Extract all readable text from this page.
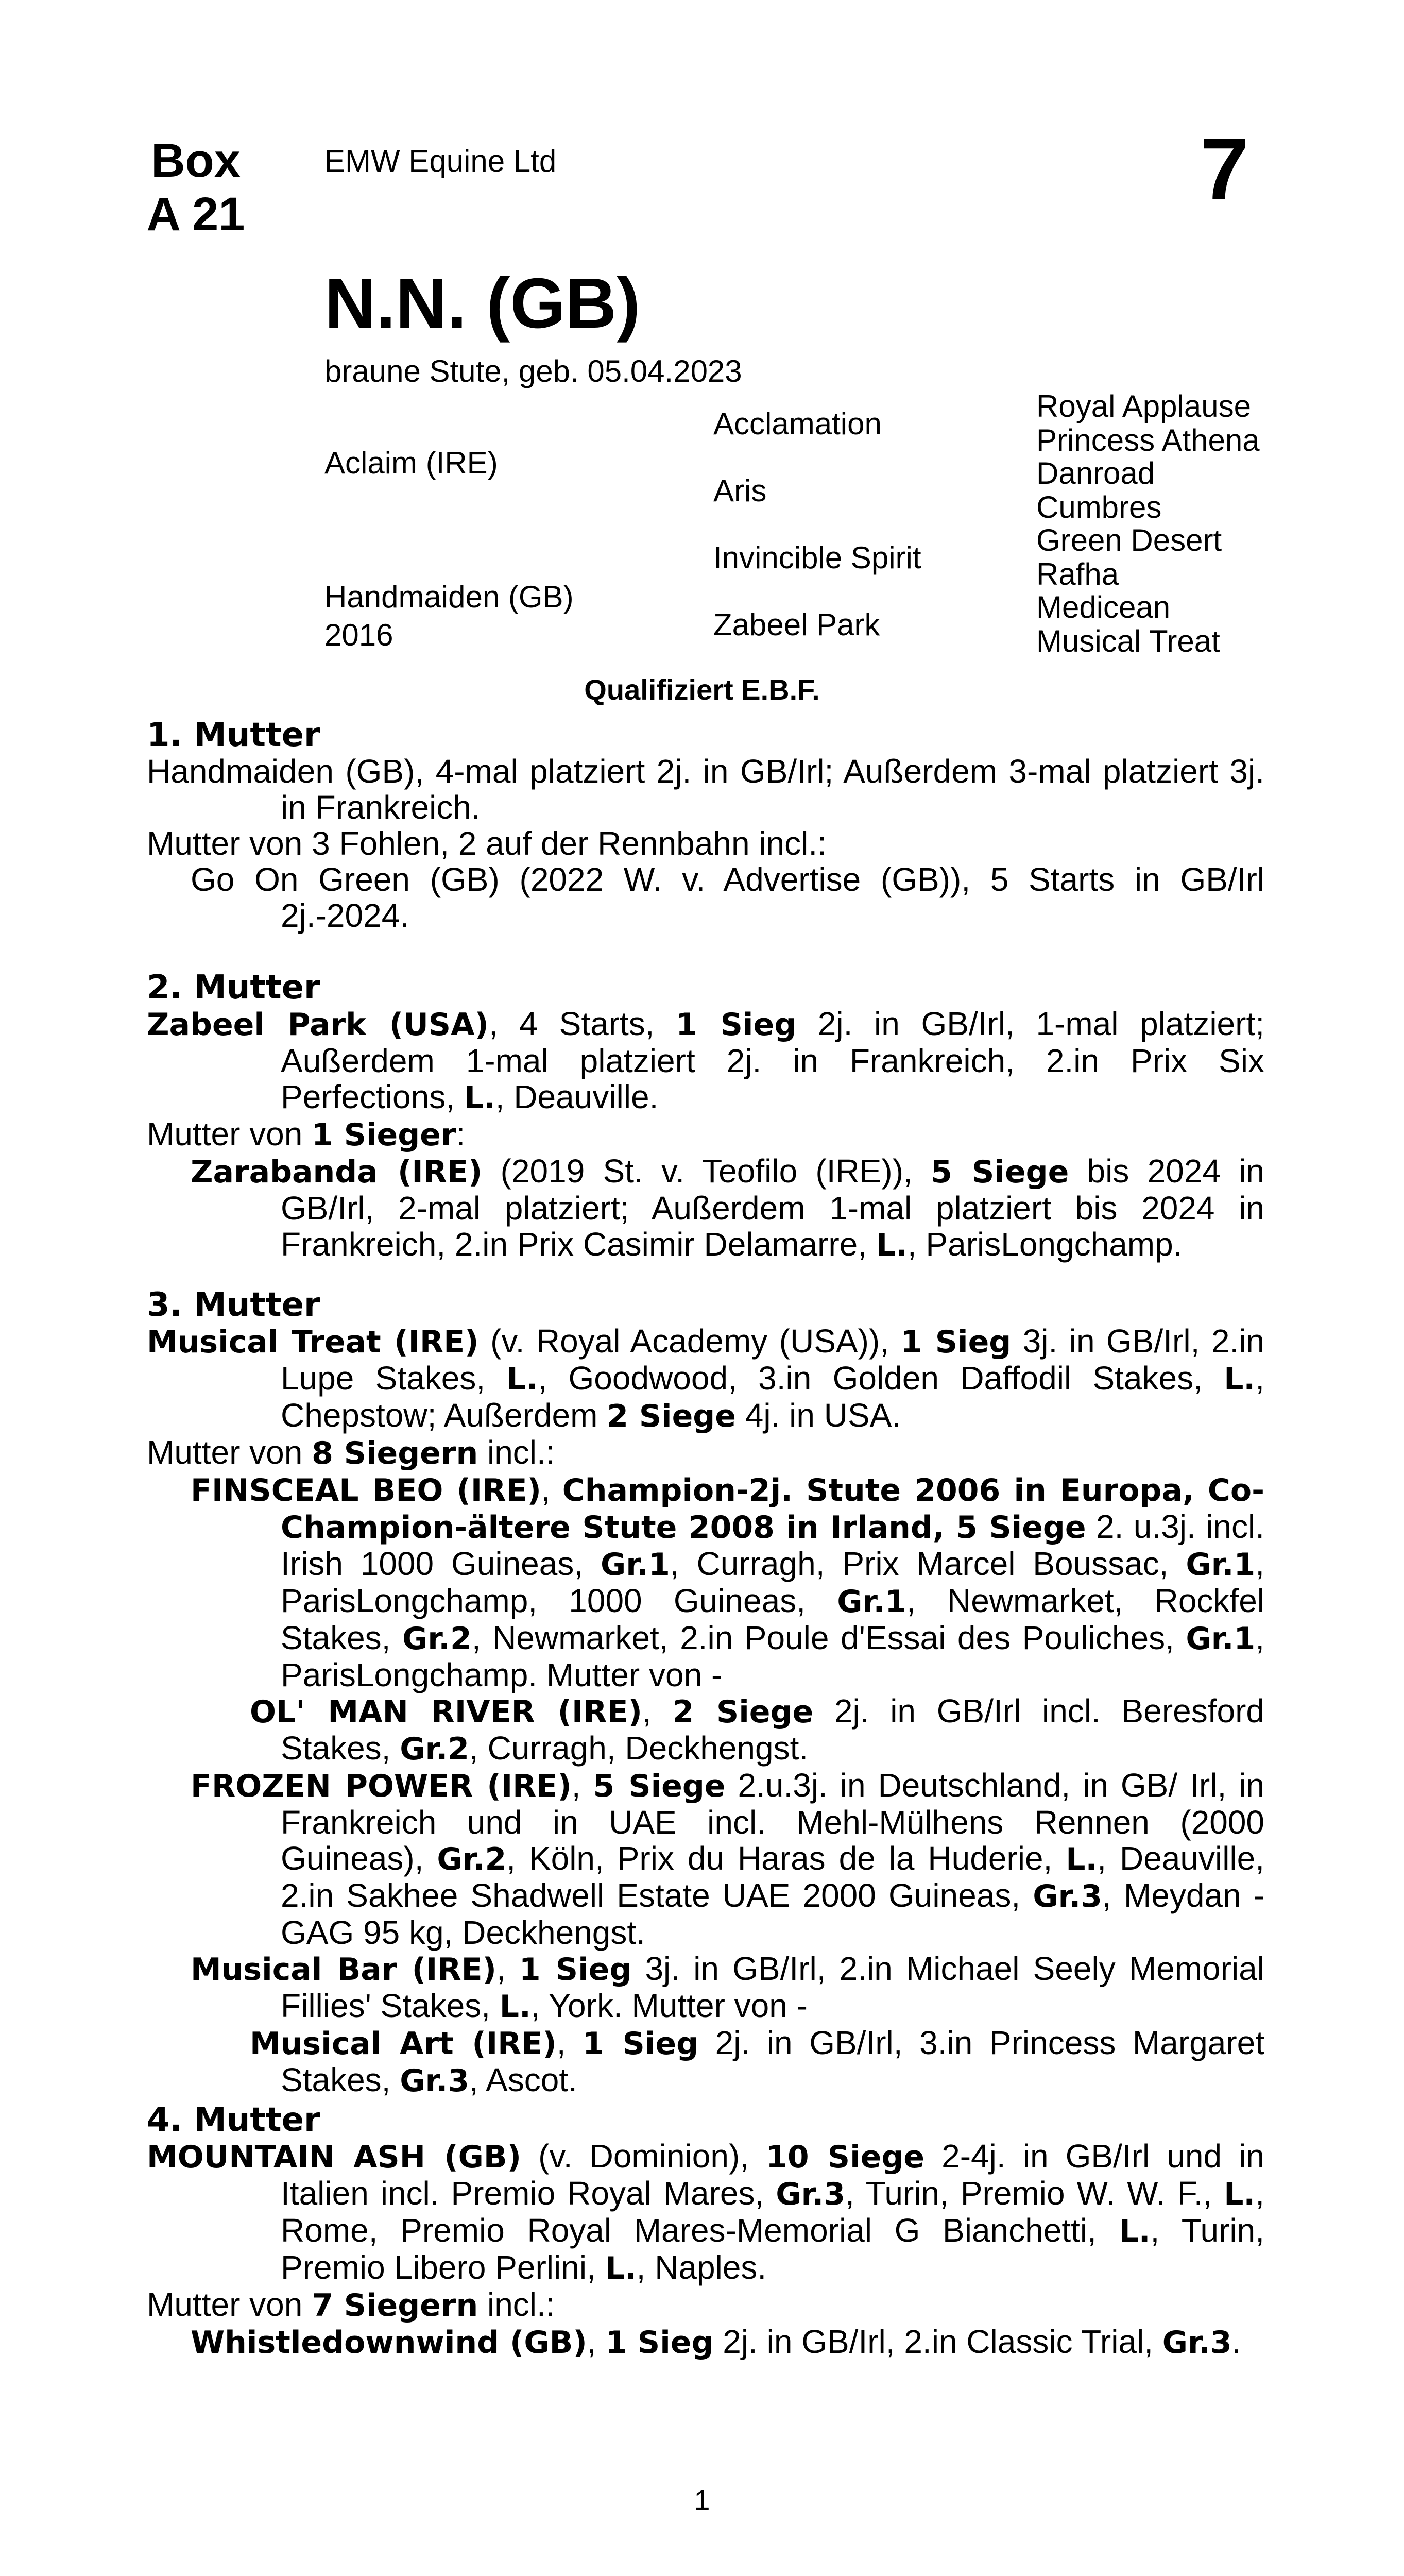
Box
A 21
EMW Equine Ltd	7
N.N. (GB)
braune Stute, geb. 05.04.2023
Aclaim (IRE)
Handmaiden (GB)
2016
Acclamation
Aris
Invincible Spirit
Zabeel Park
Royal Applause
Princess Athena
Danroad
Cumbres
Green Desert
Rafha
Medicean
Musical Treat
Qualifiziert E.B.F.

1. Mutter

Handmaiden (GB), 4-mal platziert 2j. in GB/Irl; Außerdem 3-mal platziert 3j. in Frankreich.

Mutter von 3 Fohlen, 2 auf der Rennbahn incl.:

Go On Green (GB) (2022 W. v. Advertise (GB)), 5 Starts in GB/Irl 2j.-2024.

2. Mutter

Zabeel Park (USA), 4 Starts, 1 Sieg 2j. in GB/Irl, 1-mal platziert; Außerdem 1-mal platziert 2j. in Frankreich, 2.in Prix Six Perfections, L., Deauville.

Mutter von 1 Sieger:

Zarabanda (IRE) (2019 St. v. Teofilo (IRE)), 5 Siege bis 2024 in GB/Irl, 2-mal platziert; Außerdem 1-mal platziert bis 2024 in Frankreich, 2.in Prix Casimir Delamarre, L., ParisLongchamp.

3. Mutter

Musical Treat (IRE) (v. Royal Academy (USA)), 1 Sieg 3j. in GB/Irl, 2.in Lupe Stakes, L., Goodwood, 3.in Golden Daffodil Stakes, L., Chepstow; Außerdem 2 Siege 4j. in USA.

Mutter von 8 Siegern incl.:

FINSCEAL BEO (IRE), Champion-2j. Stute 2006 in Europa, Co-Champion-ältere Stute 2008 in Irland, 5 Siege 2. u.3j. incl. Irish 1000 Guineas, Gr.1, Curragh, Prix Marcel Boussac, Gr.1, ParisLongchamp, 1000 Guineas, Gr.1, Newmarket, Rockfel Stakes, Gr.2, Newmarket, 2.in Poule d'Essai des Pouliches, Gr.1, ParisLongchamp. Mutter von -

OL' MAN RIVER (IRE), 2 Siege 2j. in GB/Irl incl. Beresford Stakes, Gr.2, Curragh, Deckhengst.

FROZEN POWER (IRE), 5 Siege 2.u.3j. in Deutschland, in GB/ Irl, in Frankreich und in UAE incl. Mehl-Mülhens Rennen (2000 Guineas), Gr.2, Köln, Prix du Haras de la Huderie, L., Deauville, 2.in Sakhee Shadwell Estate UAE 2000 Guineas, Gr.3, Meydan - GAG 95 kg, Deckhengst.

Musical Bar (IRE), 1 Sieg 3j. in GB/Irl, 2.in Michael Seely Memorial Fillies' Stakes, L., York. Mutter von -

Musical Art (IRE), 1 Sieg 2j. in GB/Irl, 3.in Princess Margaret Stakes, Gr.3, Ascot.

4. Mutter

MOUNTAIN ASH (GB) (v. Dominion), 10 Siege 2-4j. in GB/Irl und in Italien incl. Premio Royal Mares, Gr.3, Turin, Premio W. W. F., L., Rome, Premio Royal Mares-Memorial G Bianchetti, L., Turin, Premio Libero Perlini, L., Naples.

Mutter von 7 Siegern incl.:

Whistledownwind (GB), 1 Sieg 2j. in GB/Irl, 2.in Classic Trial, Gr.3.

1
